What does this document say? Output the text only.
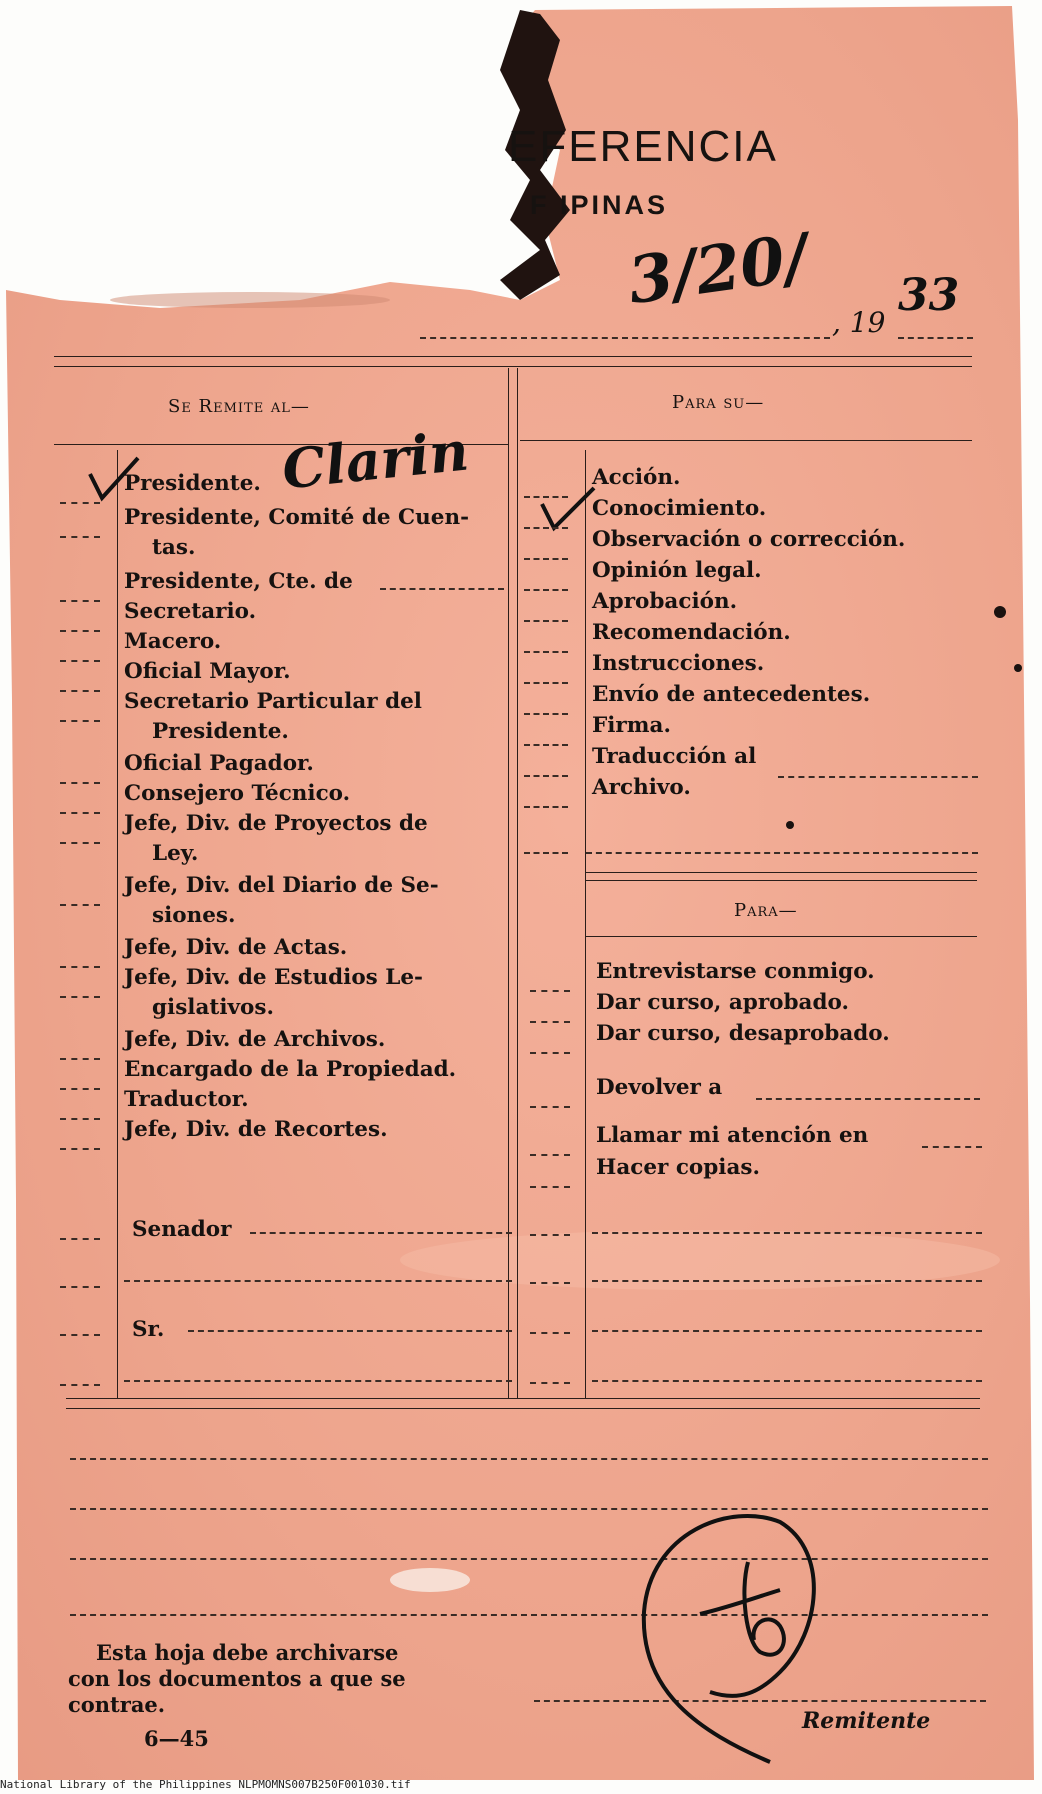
EFERENCIA
F IPINAS
3/20/
, 19
33
Se Remite al—	Para su—
Clarin
Presidente.
Presidente, Comité de Cuen-
tas.
Presidente, Cte. de
Secretario.
Macero.
Oficial Mayor.
Secretario Particular del
Presidente.
Oficial Pagador.
Consejero Técnico.
Jefe, Div. de Proyectos de
Ley.
Jefe, Div. del Diario de Se-
siones.
Jefe, Div. de Actas.
Jefe, Div. de Estudios Le-
gislativos.
Jefe, Div. de Archivos.
Encargado de la Propiedad.
Traductor.
Jefe, Div. de Recortes.
Senador
Sr.
Acción.
Conocimiento.
Observación o corrección.
Opinión legal.
Aprobación.
Recomendación.
Instrucciones.
Envío de antecedentes.
Firma.
Traducción al
Archivo.
Entrevistarse conmigo.
Dar curso, aprobado.
Dar curso, desaprobado.
Devolver a
Llamar mi atención en
Hacer copias.
Para—
Esta hoja debe archivarse
con los documentos a que se
contrae.
6—45
Remitente
National Library of the Philippines NLPMOMNS007B250F001030.tif
